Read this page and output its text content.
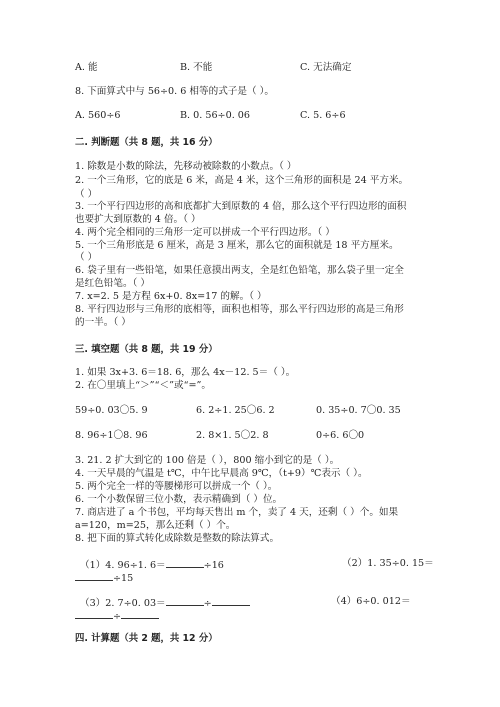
A. 能	B. 不能	C. 无法确定
8. 下面算式中与 56÷0. 6 相等的式子是（ ）。
A. 560÷6	B. 0. 56÷0. 06	C. 5. 6÷6
二. 判断题（共 8 题，共 16 分）
1. 除数是小数的除法，先移动被除数的小数点。（ ）
2. 一个三角形，它的底是 6 米，高是 4 米，这个三角形的面积是 24 平方米。
（ ）
3. 一个平行四边形的高和底都扩大到原数的 4 倍，那么这个平行四边形的面积
也要扩大到原数的 4 倍。（ ）
4. 两个完全相同的三角形一定可以拼成一个平行四边形。（ ）
5. 一个三角形底是 6 厘米，高是 3 厘米，那么它的面积就是 18 平方厘米。
（ ）
6. 袋子里有一些铅笔，如果任意摸出两支，全是红色铅笔，那么袋子里一定全
是红色铅笔。（ ）
7. x=2. 5 是方程 6x+0. 8x=17 的解。（ ）
8. 平行四边形与三角形的底相等，面积也相等，那么平行四边形的高是三角形
的一半。（ ）
三. 填空题（共 8 题，共 19 分）
1. 如果 3x+3. 6＝18. 6，那么 4x－12. 5＝（ ）。
2. 在〇里填上“＞”“＜”或“=”。
59÷0. 03〇5. 9	6. 2÷1. 25〇6. 2	0. 35÷0. 7〇0. 35
8. 96÷1〇8. 96	2. 8×1. 5〇2. 8	0÷6. 6〇0
3. 21. 2 扩大到它的 100 倍是（ ），800 缩小到它的是（ ）。
4. 一天早晨的气温是 t℃，中午比早晨高 9℃，（t+9）℃表示（ ）。
5. 两个完全一样的等腰梯形可以拼成一个（ ）。
6. 一个小数保留三位小数，表示精确到（ ）位。
7. 商店进了 a 个书包，平均每天售出 m 个，卖了 4 天，还剩（ ）个。如果
a=120，m=25，那么还剩（ ）个。
8. 把下面的算式转化成除数是整数的除法算式。
（1）4. 96÷1. 6＝	÷16
÷15
（2）1. 35÷0. 15＝
（3）2. 7÷0. 03＝	÷
÷
（4）6÷0. 012＝
四. 计算题（共 2 题，共 12 分）
